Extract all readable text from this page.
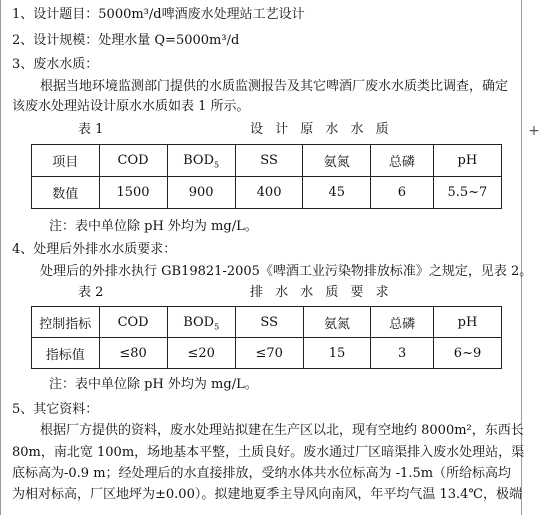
+
1、设计题目：5000m³/d啤酒废水处理站工艺设计
2、设计规模：处理水量 Q=5000m³/d
3、废水水质：
根据当地环境监测部门提供的水质监测报告及其它啤酒厂废水水质类比调查，确定
该废水处理站设计原水水质如表 1 所示。
表 1	设 计 原 水 水 质
项目	COD	$BOD_5$	SS	氨氮	总磷	pH
数值	1500	900	400	45	6	5.5~7
注：表中单位除 pH 外均为 mg/L。
4、处理后外排水水质要求：
处理后的外排水执行 GB19821-2005《啤酒工业污染物排放标准》之规定，见表 2。
表 2	排 水 水 质 要 求
控制指标	COD	$BOD_5$	SS	氨氮	总磷	pH
指标值	≤80	≤20	≤70	15	3	6~9
注：表中单位除 pH 外均为 mg/L。
5、其它资料：
根据厂方提供的资料，废水处理站拟建在生产区以北，现有空地约 8000m²，东西长
80m，南北宽 100m，场地基本平整，土质良好。废水通过厂区暗渠排入废水处理站，渠
底标高为-0.9 m；经处理后的水直接排放，受纳水体共水位标高为 -1.5m（所给标高均
为相对标高，厂区地坪为±0.00）。拟建地夏季主导风向南风，年平均气温 13.4℃，极端
